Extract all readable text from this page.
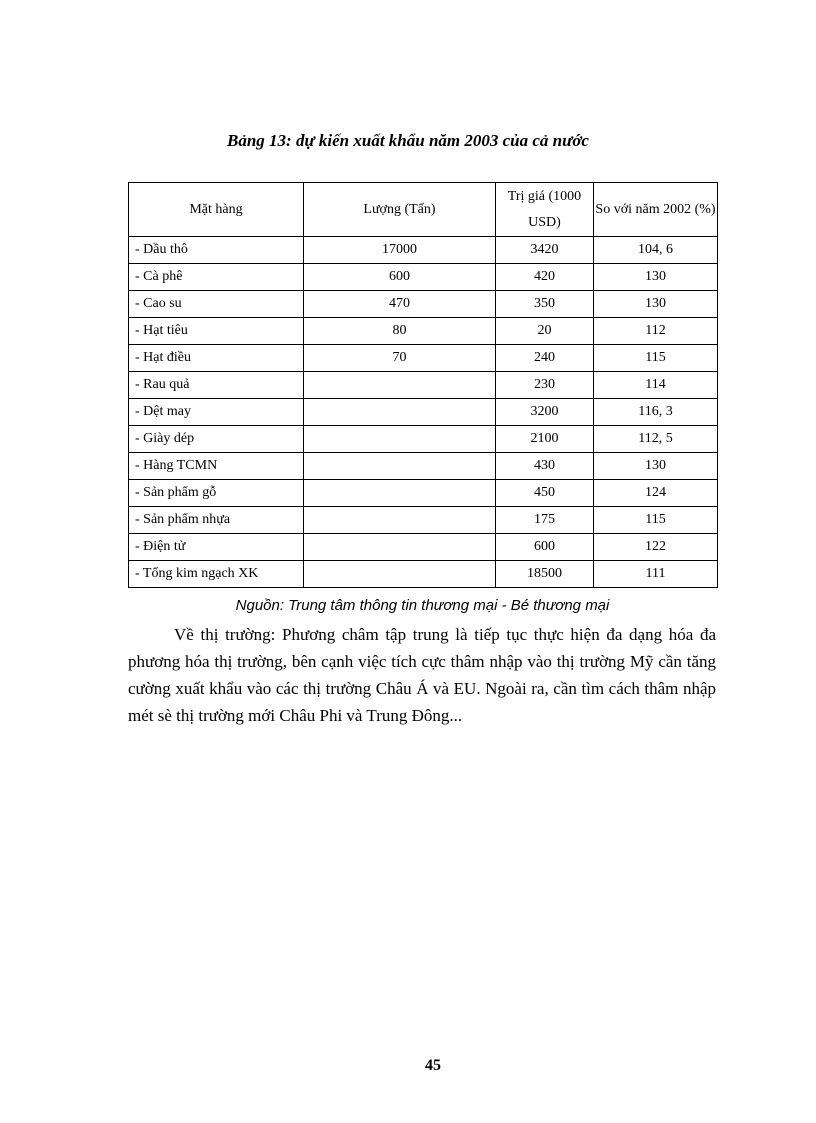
Bảng 13: dự kiến xuất khẩu năm 2003 của cả nước
Mặt hàng	Lượng (Tấn)	Trị giá (1000 USD)	So với năm 2002 (%)
- Dầu thô	17000	3420	104, 6
- Cà phê	600	420	130
- Cao su	470	350	130
- Hạt tiêu	80	20	112
- Hạt điều	70	240	115
- Rau quả		230	114
- Dệt may		3200	116, 3
- Giày dép		2100	112, 5
- Hàng TCMN		430	130
- Sản phẩm gỗ		450	124
- Sản phẩm nhựa		175	115
- Điện tử		600	122
- Tổng kim ngạch XK		18500	111

Nguồn: Trung tâm thông tin thương mại - Bé thương mại

Về thị trường: Phương châm tập trung là tiếp tục thực hiện đa dạng hóa đa phương hóa thị trường, bên cạnh việc tích cực thâm nhập vào thị trường Mỹ cần tăng cường xuất khẩu vào các thị trường Châu Á và EU. Ngoài ra, cần tìm cách thâm nhập mét sè thị trường mới Châu Phi và Trung Đông...

45
